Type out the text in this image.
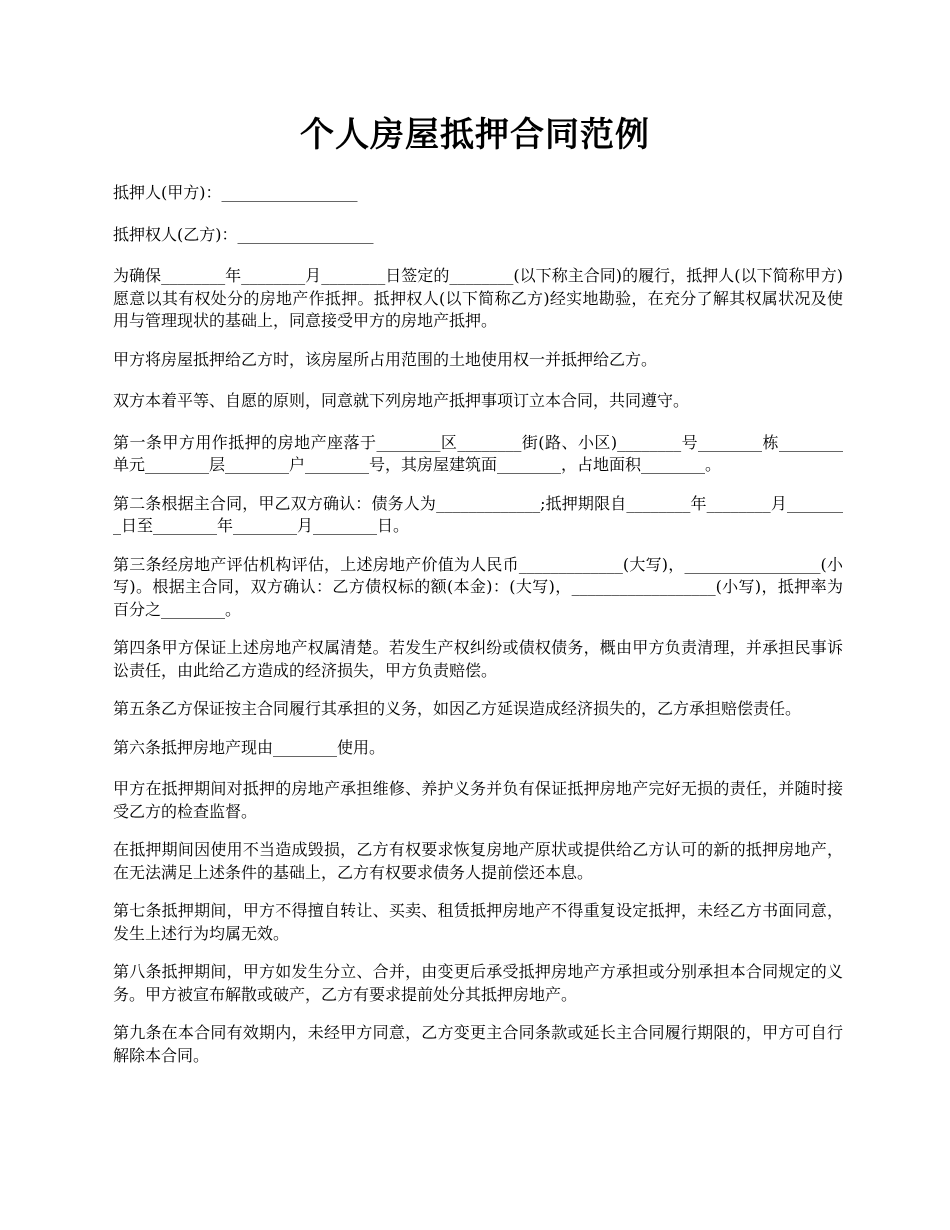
个人房屋抵押合同范例

抵押人(甲方)：_________________

抵押权人(乙方)：_________________

为确保________年________月________日签定的________(以下称主合同)的履行，抵押人(以下简称甲方)愿意以其有权处分的房地产作抵押。抵押权人(以下简称乙方)经实地勘验，在充分了解其权属状况及使用与管理现状的基础上，同意接受甲方的房地产抵押。

甲方将房屋抵押给乙方时，该房屋所占用范围的土地使用权一并抵押给乙方。

双方本着平等、自愿的原则，同意就下列房地产抵押事项订立本合同，共同遵守。

第一条甲方用作抵押的房地产座落于________区________街(路、小区)________号________栋________单元________层________户________号，其房屋建筑面________，占地面积________。

第二条根据主合同，甲乙双方确认：债务人为_____________;抵押期限自________年________月________日至________年________月________日。

第三条经房地产评估机构评估，上述房地产价值为人民币_____________(大写)，_________________(小写)。根据主合同，双方确认：乙方债权标的额(本金)：(大写)，__________________(小写)，抵押率为百分之________。

第四条甲方保证上述房地产权属清楚。若发生产权纠纷或债权债务，概由甲方负责清理，并承担民事诉讼责任，由此给乙方造成的经济损失，甲方负责赔偿。

第五条乙方保证按主合同履行其承担的义务，如因乙方延误造成经济损失的，乙方承担赔偿责任。

第六条抵押房地产现由________使用。

甲方在抵押期间对抵押的房地产承担维修、养护义务并负有保证抵押房地产完好无损的责任，并随时接受乙方的检查监督。

在抵押期间因使用不当造成毁损，乙方有权要求恢复房地产原状或提供给乙方认可的新的抵押房地产，在无法满足上述条件的基础上，乙方有权要求债务人提前偿还本息。

第七条抵押期间，甲方不得擅自转让、买卖、租赁抵押房地产不得重复设定抵押，未经乙方书面同意，发生上述行为均属无效。

第八条抵押期间，甲方如发生分立、合并，由变更后承受抵押房地产方承担或分别承担本合同规定的义务。甲方被宣布解散或破产，乙方有要求提前处分其抵押房地产。

第九条在本合同有效期内，未经甲方同意，乙方变更主合同条款或延长主合同履行期限的，甲方可自行解除本合同。
